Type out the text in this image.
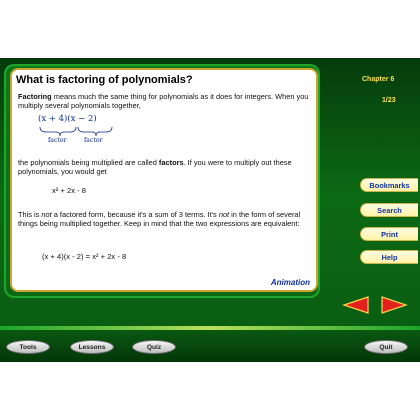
What is factoring of polynomials?

Factoring means much the same thing for polynomials as it does for integers. When you multiply several polynomials together,

(x + 4)(x − 2)
factor	factor

the polynomials being multiplied are called factors. If you were to multiply out these polynomials, you would get

x² + 2x - 8

This is not a factored form, because it's a sum of 3 terms. It's not in the form of several things being multiplied together. Keep in mind that the two expressions are equivalent:

(x + 4)(x - 2) = x² + 2x - 8
Animation
Chapter 6
1/23
Bookmarks
Search
Print
Help
Tools	Lessons	Quiz	Quit
